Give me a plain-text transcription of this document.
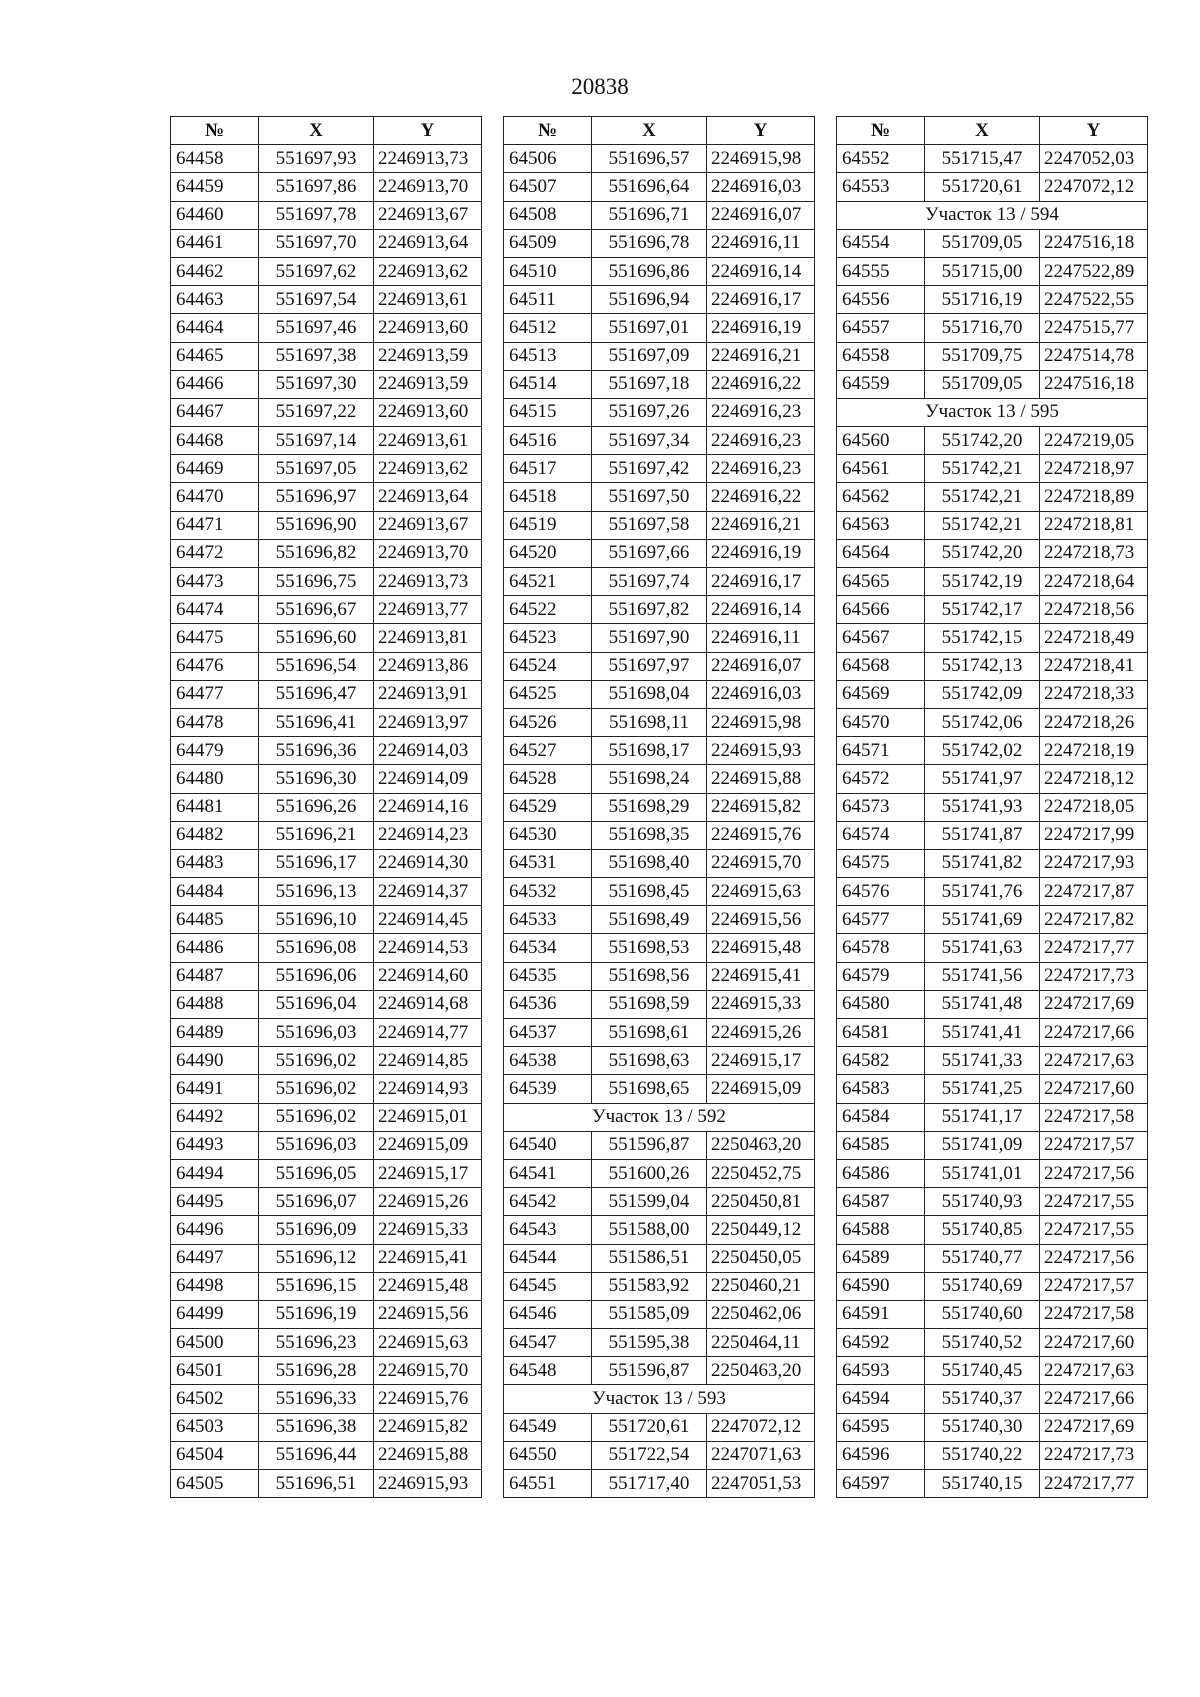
20838
№	X	Y
64458	551697,93	2246913,73
64459	551697,86	2246913,70
64460	551697,78	2246913,67
64461	551697,70	2246913,64
64462	551697,62	2246913,62
64463	551697,54	2246913,61
64464	551697,46	2246913,60
64465	551697,38	2246913,59
64466	551697,30	2246913,59
64467	551697,22	2246913,60
64468	551697,14	2246913,61
64469	551697,05	2246913,62
64470	551696,97	2246913,64
64471	551696,90	2246913,67
64472	551696,82	2246913,70
64473	551696,75	2246913,73
64474	551696,67	2246913,77
64475	551696,60	2246913,81
64476	551696,54	2246913,86
64477	551696,47	2246913,91
64478	551696,41	2246913,97
64479	551696,36	2246914,03
64480	551696,30	2246914,09
64481	551696,26	2246914,16
64482	551696,21	2246914,23
64483	551696,17	2246914,30
64484	551696,13	2246914,37
64485	551696,10	2246914,45
64486	551696,08	2246914,53
64487	551696,06	2246914,60
64488	551696,04	2246914,68
64489	551696,03	2246914,77
64490	551696,02	2246914,85
64491	551696,02	2246914,93
64492	551696,02	2246915,01
64493	551696,03	2246915,09
64494	551696,05	2246915,17
64495	551696,07	2246915,26
64496	551696,09	2246915,33
64497	551696,12	2246915,41
64498	551696,15	2246915,48
64499	551696,19	2246915,56
64500	551696,23	2246915,63
64501	551696,28	2246915,70
64502	551696,33	2246915,76
64503	551696,38	2246915,82
64504	551696,44	2246915,88
64505	551696,51	2246915,93
№	X	Y
64506	551696,57	2246915,98
64507	551696,64	2246916,03
64508	551696,71	2246916,07
64509	551696,78	2246916,11
64510	551696,86	2246916,14
64511	551696,94	2246916,17
64512	551697,01	2246916,19
64513	551697,09	2246916,21
64514	551697,18	2246916,22
64515	551697,26	2246916,23
64516	551697,34	2246916,23
64517	551697,42	2246916,23
64518	551697,50	2246916,22
64519	551697,58	2246916,21
64520	551697,66	2246916,19
64521	551697,74	2246916,17
64522	551697,82	2246916,14
64523	551697,90	2246916,11
64524	551697,97	2246916,07
64525	551698,04	2246916,03
64526	551698,11	2246915,98
64527	551698,17	2246915,93
64528	551698,24	2246915,88
64529	551698,29	2246915,82
64530	551698,35	2246915,76
64531	551698,40	2246915,70
64532	551698,45	2246915,63
64533	551698,49	2246915,56
64534	551698,53	2246915,48
64535	551698,56	2246915,41
64536	551698,59	2246915,33
64537	551698,61	2246915,26
64538	551698,63	2246915,17
64539	551698,65	2246915,09
Участок 13 / 592		
64540	551596,87	2250463,20
64541	551600,26	2250452,75
64542	551599,04	2250450,81
64543	551588,00	2250449,12
64544	551586,51	2250450,05
64545	551583,92	2250460,21
64546	551585,09	2250462,06
64547	551595,38	2250464,11
64548	551596,87	2250463,20
Участок 13 / 593		
64549	551720,61	2247072,12
64550	551722,54	2247071,63
64551	551717,40	2247051,53
№	X	Y
64552	551715,47	2247052,03
64553	551720,61	2247072,12
Участок 13 / 594		
64554	551709,05	2247516,18
64555	551715,00	2247522,89
64556	551716,19	2247522,55
64557	551716,70	2247515,77
64558	551709,75	2247514,78
64559	551709,05	2247516,18
Участок 13 / 595		
64560	551742,20	2247219,05
64561	551742,21	2247218,97
64562	551742,21	2247218,89
64563	551742,21	2247218,81
64564	551742,20	2247218,73
64565	551742,19	2247218,64
64566	551742,17	2247218,56
64567	551742,15	2247218,49
64568	551742,13	2247218,41
64569	551742,09	2247218,33
64570	551742,06	2247218,26
64571	551742,02	2247218,19
64572	551741,97	2247218,12
64573	551741,93	2247218,05
64574	551741,87	2247217,99
64575	551741,82	2247217,93
64576	551741,76	2247217,87
64577	551741,69	2247217,82
64578	551741,63	2247217,77
64579	551741,56	2247217,73
64580	551741,48	2247217,69
64581	551741,41	2247217,66
64582	551741,33	2247217,63
64583	551741,25	2247217,60
64584	551741,17	2247217,58
64585	551741,09	2247217,57
64586	551741,01	2247217,56
64587	551740,93	2247217,55
64588	551740,85	2247217,55
64589	551740,77	2247217,56
64590	551740,69	2247217,57
64591	551740,60	2247217,58
64592	551740,52	2247217,60
64593	551740,45	2247217,63
64594	551740,37	2247217,66
64595	551740,30	2247217,69
64596	551740,22	2247217,73
64597	551740,15	2247217,77
